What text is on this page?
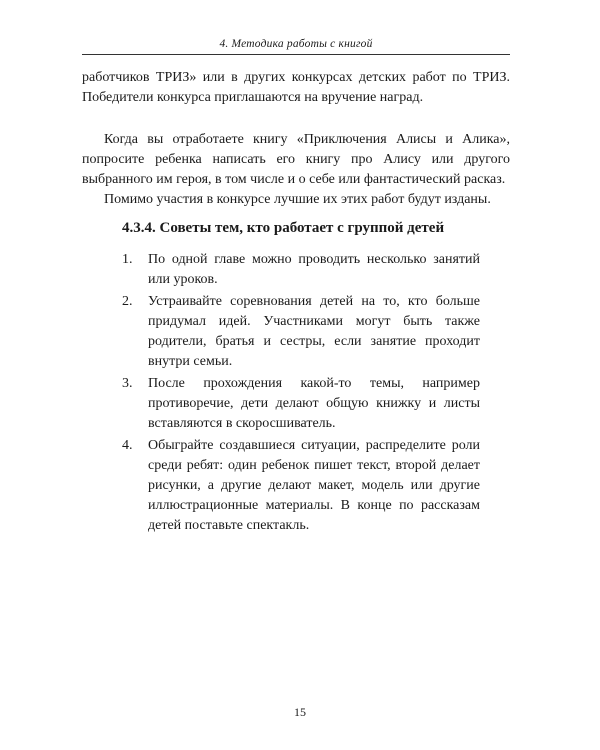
4. Методика работы с книгой

работчиков ТРИЗ» или в других конкурсах детских работ по ТРИЗ. Победители конкурса приглашаются на вручение наград.

Когда вы отработаете книгу «Приключения Алисы и Алика», попросите ребенка написать его книгу про Алису или другого выбранного им героя, в том числе и о себе или фантастический расказ.

Помимо участия в конкурсе лучшие их этих работ будут изданы.

4.3.4. Советы тем, кто работает с группой детей
1. По одной главе можно проводить несколько занятий или уроков.
2. Устраивайте соревнования детей на то, кто больше придумал идей. Участниками могут быть также родители, братья и сестры, если занятие проходит внутри семьи.
3. После прохождения какой-то темы, например противоречие, дети делают общую книжку и листы вставляются в скоросшиватель.
4. Обыграйте создавшиеся ситуации, распределите роли среди ребят: один ребенок пишет текст, второй делает рисунки, а другие делают макет, модель или другие иллюстрационные материалы. В конце по рассказам детей поставьте спектакль.
15
